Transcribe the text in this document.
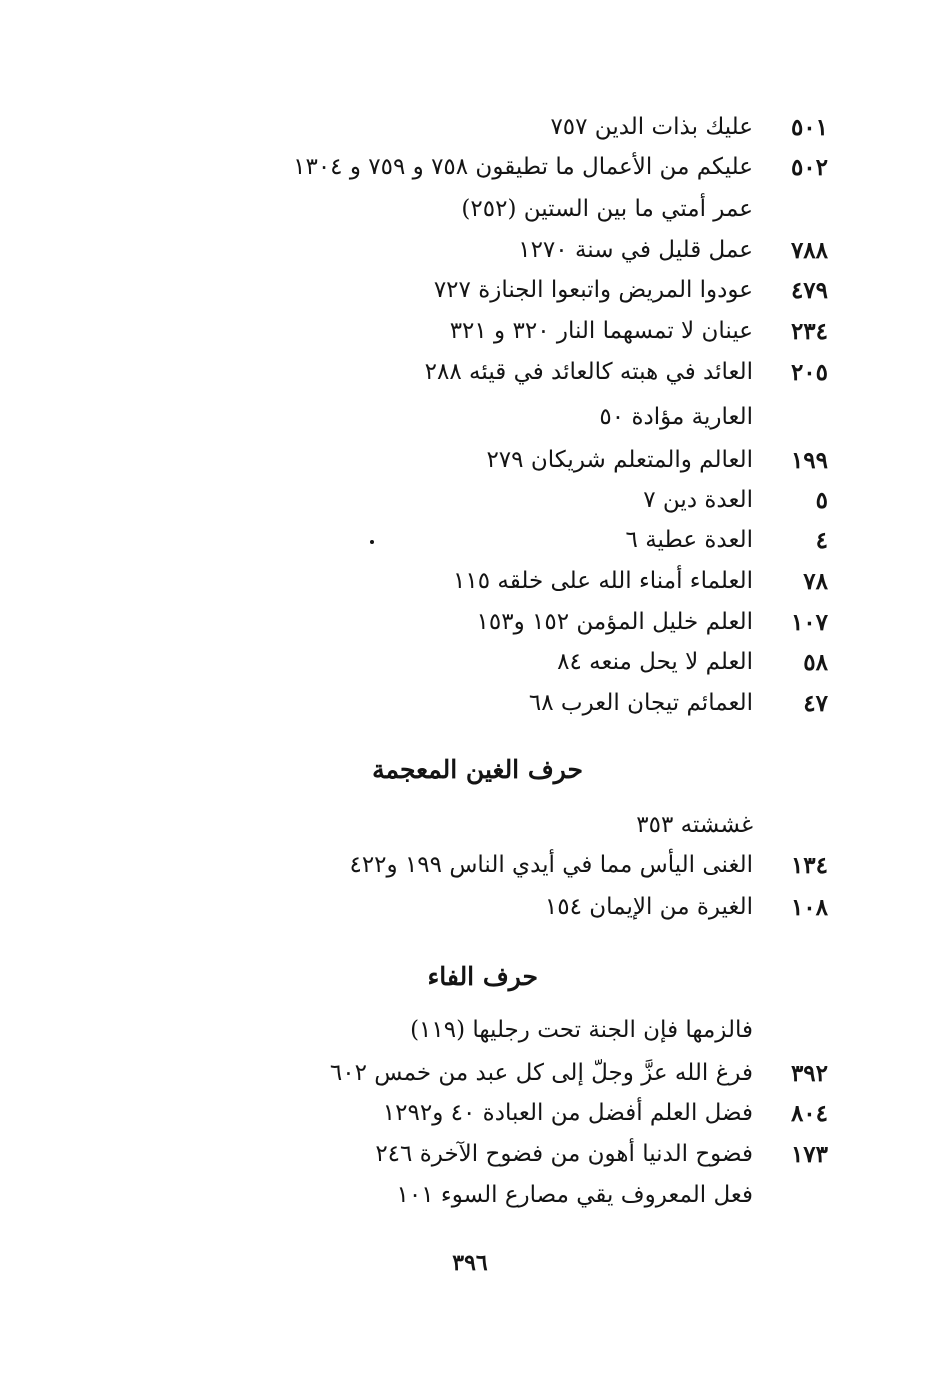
٥٠١
عليك بذات الدين ٧٥٧
٥٠٢
عليكم من الأعمال ما تطيقون ٧٥٨ و ٧٥٩ و ١٣٠٤
عمر أمتي ما بين الستين (٢٥٢)
٧٨٨
عمل قليل في سنة ١٢٧٠
٤٧٩
عودوا المريض واتبعوا الجنازة ٧٢٧
٢٣٤
عينان لا تمسهما النار ٣٢٠ و ٣٢١
٢٠٥
العائد في هبته كالعائد في قيئه ٢٨٨
العارية مؤادة ٥٠
١٩٩
العالم والمتعلم شريكان ٢٧٩
٥
العدة دين ٧
٤
العدة عطية ٦
٧٨
العلماء أمناء الله على خلقه ١١٥
١٠٧
العلم خليل المؤمن ١٥٢ و١٥٣
٥٨
العلم لا يحل منعه ٨٤
٤٧
العمائم تيجان العرب ٦٨
حرف الغين المعجمة
غششته ٣٥٣
١٣٤
الغنى اليأس مما في أيدي الناس ١٩٩ و٤٢٢
١٠٨
الغيرة من الإيمان ١٥٤
حرف الفاء
فالزمها فإن الجنة تحت رجليها (١١٩)
٣٩٢
فرغ الله عزَّ وجلّ إلى كل عبد من خمس ٦٠٢
٨٠٤
فضل العلم أفضل من العبادة ٤٠ و١٢٩٢
١٧٣
فضوح الدنيا أهون من فضوح الآخرة ٢٤٦
فعل المعروف يقي مصارع السوء ١٠١
٣٩٦
